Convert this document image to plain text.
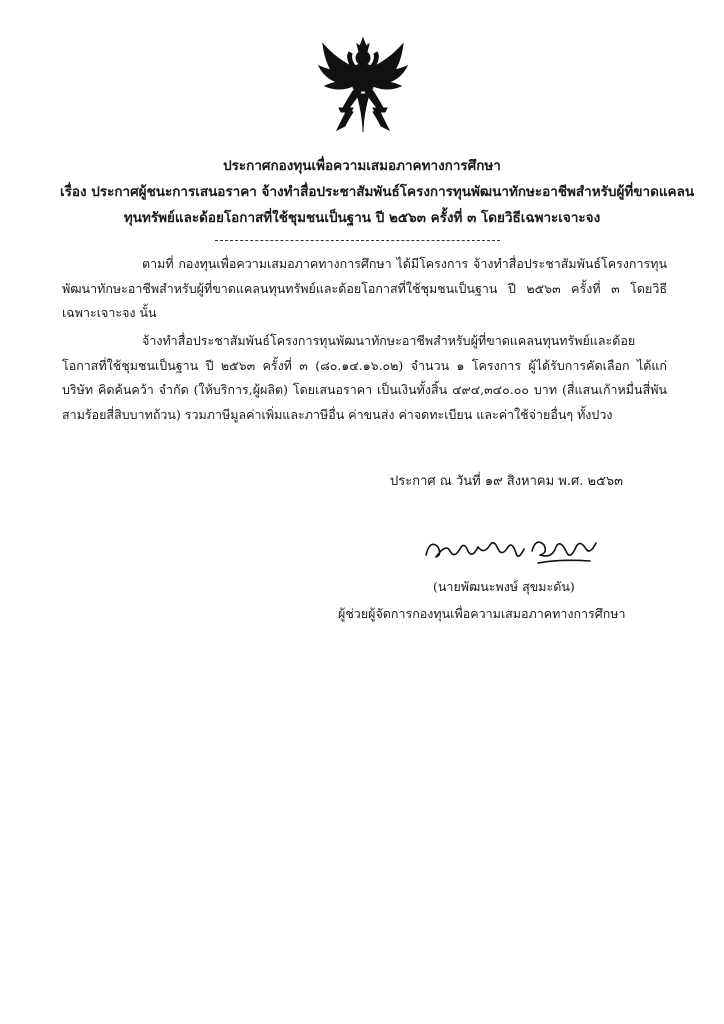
ประกาศกองทุนเพื่อความเสมอภาคทางการศึกษา
เรื่อง ประกาศผู้ชนะการเสนอราคา จ้างทำสื่อประชาสัมพันธ์โครงการทุนพัฒนาทักษะอาชีพสำหรับผู้ที่ขาดแคลน
ทุนทรัพย์และด้อยโอกาสที่ใช้ชุมชนเป็นฐาน ปี ๒๕๖๓ ครั้งที่ ๓ โดยวิธีเฉพาะเจาะจง
ตามที่ กองทุนเพื่อความเสมอภาคทางการศึกษา ได้มีโครงการ จ้างทำสื่อประชาสัมพันธ์โครงการทุนพัฒนาทักษะอาชีพสำหรับผู้ที่ขาดแคลนทุนทรัพย์และด้อยโอกาสที่ใช้ชุมชนเป็นฐาน ปี ๒๕๖๓ ครั้งที่ ๓ โดยวิธีเฉพาะเจาะจง นั้น
จ้างทำสื่อประชาสัมพันธ์โครงการทุนพัฒนาทักษะอาชีพสำหรับผู้ที่ขาดแคลนทุนทรัพย์และด้อยโอกาสที่ใช้ชุมชนเป็นฐาน ปี ๒๕๖๓ ครั้งที่ ๓ (๘๐.๑๔.๑๖.๐๒) จำนวน ๑ โครงการ ผู้ได้รับการคัดเลือก ได้แก่ บริษัท คิดค้นคว้า จำกัด (ให้บริการ,ผู้ผลิต) โดยเสนอราคา เป็นเงินทั้งสิ้น ๔๙๔,๓๔๐.๐๐ บาท (สี่แสนเก้าหมื่นสี่พันสามร้อยสี่สิบบาทถ้วน) รวมภาษีมูลค่าเพิ่มและภาษีอื่น ค่าขนส่ง ค่าจดทะเบียน และค่าใช้จ่ายอื่นๆ ทั้งปวง
ประกาศ ณ วันที่ ๑๙ สิงหาคม พ.ศ. ๒๕๖๓
(นายพัฒนะพงษ์ สุขมะดัน)
ผู้ช่วยผู้จัดการกองทุนเพื่อความเสมอภาคทางการศึกษา
